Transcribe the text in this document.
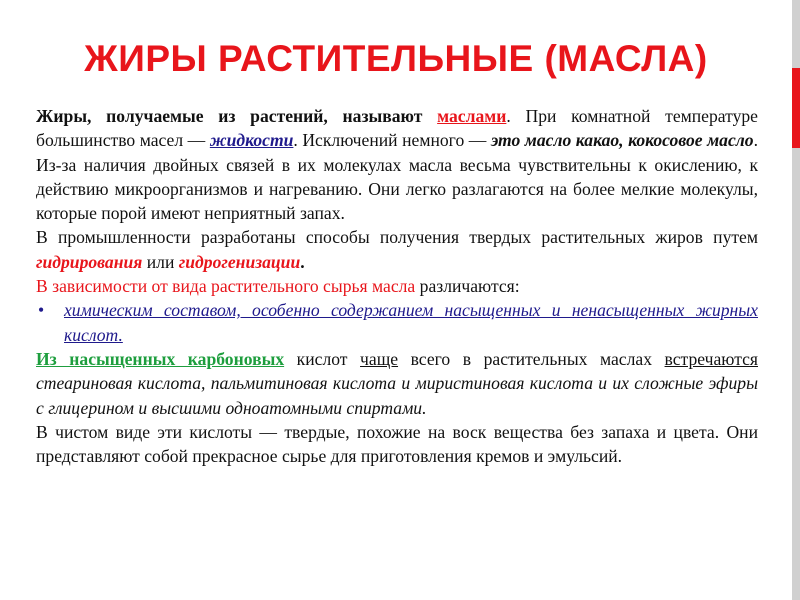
ЖИРЫ РАСТИТЕЛЬНЫЕ (МАСЛА)

Жиры, получаемые из растений, называют маслами. При комнатной температуре большинство масел — жидкости. Исключений немного — это масло какао, кокосовое масло. Из-за наличия двойных связей в их молекулах масла весьма чувствительны к окислению, к действию микроорганизмов и нагреванию. Они легко разлагаются на более мелкие молекулы, которые порой имеют неприятный запах.

В промышленности разработаны способы получения твердых растительных жиров путем гидрирования или гидрогенизации.

В зависимости от вида растительного сырья масла различаются:

• химическим составом, особенно содержанием насыщенных и ненасыщенных жирных кислот.

Из насыщенных карбоновых кислот чаще всего в растительных маслах встречаются стеариновая кислота, пальмитиновая кислота и миристиновая кислота и их сложные эфиры с глицерином и высшими одноатомными спиртами.

В чистом виде эти кислоты — твердые, похожие на воск вещества без запаха и цвета. Они представляют собой прекрасное сырье для приготовления кремов и эмульсий.
